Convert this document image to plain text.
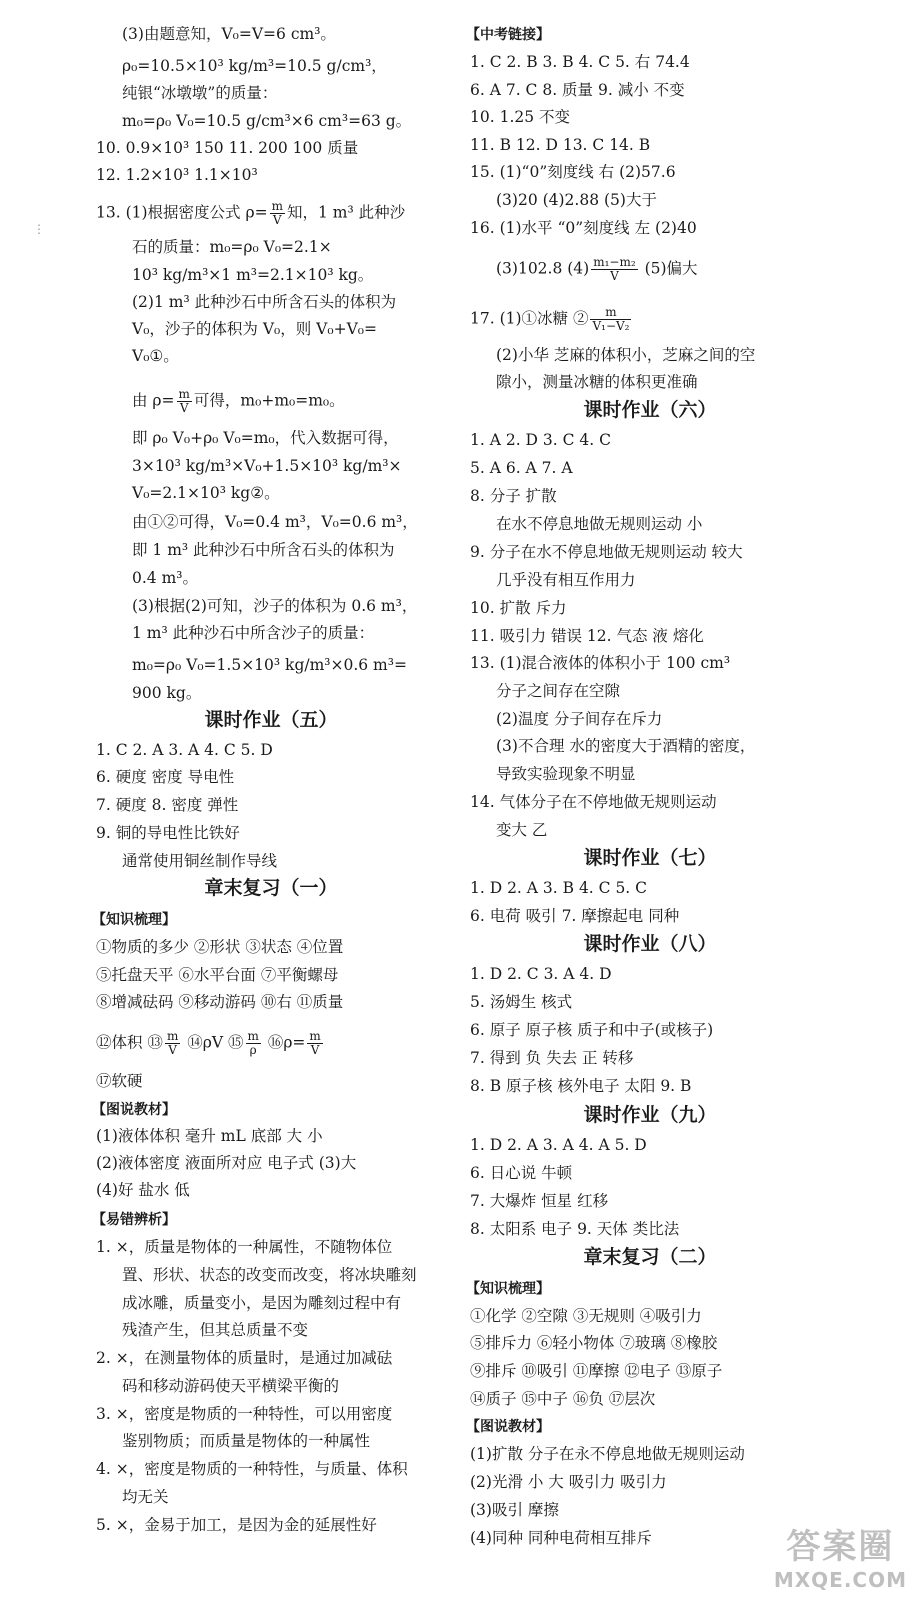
⋮
(3)由题意知，V₀=V=6 cm³。
ρ₀=10.5×10³ kg/m³=10.5 g/cm³，
纯银“冰墩墩”的质量：
m₀=ρ₀ V₀=10.5 g/cm³×6 cm³=63 g。
10. 0.9×10³ 150 11. 200 100 质量
12. 1.2×10³ 1.1×10³
13. (1)根据密度公式 $\rho= \frac{m}{V}$ 知，1 m³ 此种沙
石的质量：m₀=ρ₀ V₀=2.1×
10³ kg/m³×1 m³=2.1×10³ kg。
(2)1 m³ 此种沙石中所含石头的体积为
V₀，沙子的体积为 V₀，则 V₀+V₀=
V₀①。
由 $\rho= \frac{m}{V}$ 可得，m₀+m₀=m₀。
即 ρ₀ V₀+ρ₀ V₀=m₀，代入数据可得，
3×10³ kg/m³×V₀+1.5×10³ kg/m³×
V₀=2.1×10³ kg②。
由①②可得，V₀=0.4 m³，V₀=0.6 m³，
即 1 m³ 此种沙石中所含石头的体积为
0.4 m³。
(3)根据(2)可知，沙子的体积为 0.6 m³，
1 m³ 此种沙石中所含沙子的质量：
m₀=ρ₀ V₀=1.5×10³ kg/m³×0.6 m³=
900 kg。
课时作业（五）
1. C 2. A 3. A 4. C 5. D
6. 硬度 密度 导电性
7. 硬度 8. 密度 弹性
9. 铜的导电性比铁好
通常使用铜丝制作导线
章末复习（一）
【知识梳理】
①物质的多少 ②形状 ③状态 ④位置
⑤托盘天平 ⑥水平台面 ⑦平衡螺母
⑧增减砝码 ⑨移动游码 ⑩右 ⑪质量
⑫体积 ⑬ $\frac{m}{V}$ ⑭ρV ⑮ $\frac{m}{\rho}$ ⑯ρ= $\frac{m}{V}$
⑰软硬
【图说教材】
(1)液体体积 毫升 mL 底部 大 小
(2)液体密度 液面所对应 电子式 (3)大
(4)好 盐水 低
【易错辨析】
1. ×，质量是物体的一种属性，不随物体位
置、形状、状态的改变而改变，将冰块雕刻
成冰雕，质量变小，是因为雕刻过程中有
残渣产生，但其总质量不变
2. ×，在测量物体的质量时，是通过加减砝
码和移动游码使天平横梁平衡的
3. ×，密度是物质的一种特性，可以用密度
鉴别物质；而质量是物体的一种属性
4. ×，密度是物质的一种特性，与质量、体积
均无关
5. ×，金易于加工，是因为金的延展性好
【中考链接】
1. C 2. B 3. B 4. C 5. 右 74.4
6. A 7. C 8. 质量 9. 减小 不变
10. 1.25 不变
11. B 12. D 13. C 14. B
15. (1)“0”刻度线 右 (2)57.6
(3)20 (4)2.88 (5)大于
16. (1)水平 “0”刻度线 左 (2)40
(3)102.8 $(4) \frac{\text{m₁−m₂}}{V} (5)$偏大
17. (1)①冰糖 ② $\frac{m}{\text{V₁−V₂}}$
(2)小华 芝麻的体积小，芝麻之间的空
隙小，测量冰糖的体积更准确
课时作业（六）
1. A 2. D 3. C 4. C
5. A 6. A 7. A
8. 分子 扩散
在水不停息地做无规则运动 小
9. 分子在水不停息地做无规则运动 较大
几乎没有相互作用力
10. 扩散 斥力
11. 吸引力 错误 12. 气态 液 熔化
13. (1)混合液体的体积小于 100 cm³
分子之间存在空隙
(2)温度 分子间存在斥力
(3)不合理 水的密度大于酒精的密度，
导致实验现象不明显
14. 气体分子在不停地做无规则运动
变大 乙
课时作业（七）
1. D 2. A 3. B 4. C 5. C
6. 电荷 吸引 7. 摩擦起电 同种
课时作业（八）
1. D 2. C 3. A 4. D
5. 汤姆生 核式
6. 原子 原子核 质子和中子(或核子)
7. 得到 负 失去 正 转移
8. B 原子核 核外电子 太阳 9. B
课时作业（九）
1. D 2. A 3. A 4. A 5. D
6. 日心说 牛顿
7. 大爆炸 恒星 红移
8. 太阳系 电子 9. 天体 类比法
章末复习（二）
【知识梳理】
①化学 ②空隙 ③无规则 ④吸引力
⑤排斥力 ⑥轻小物体 ⑦玻璃 ⑧橡胶
⑨排斥 ⑩吸引 ⑪摩擦 ⑫电子 ⑬原子
⑭质子 ⑮中子 ⑯负 ⑰层次
【图说教材】
(1)扩散 分子在永不停息地做无规则运动
(2)光滑 小 大 吸引力 吸引力
(3)吸引 摩擦
(4)同种 同种电荷相互排斥	答案圈
MXQE.COM
